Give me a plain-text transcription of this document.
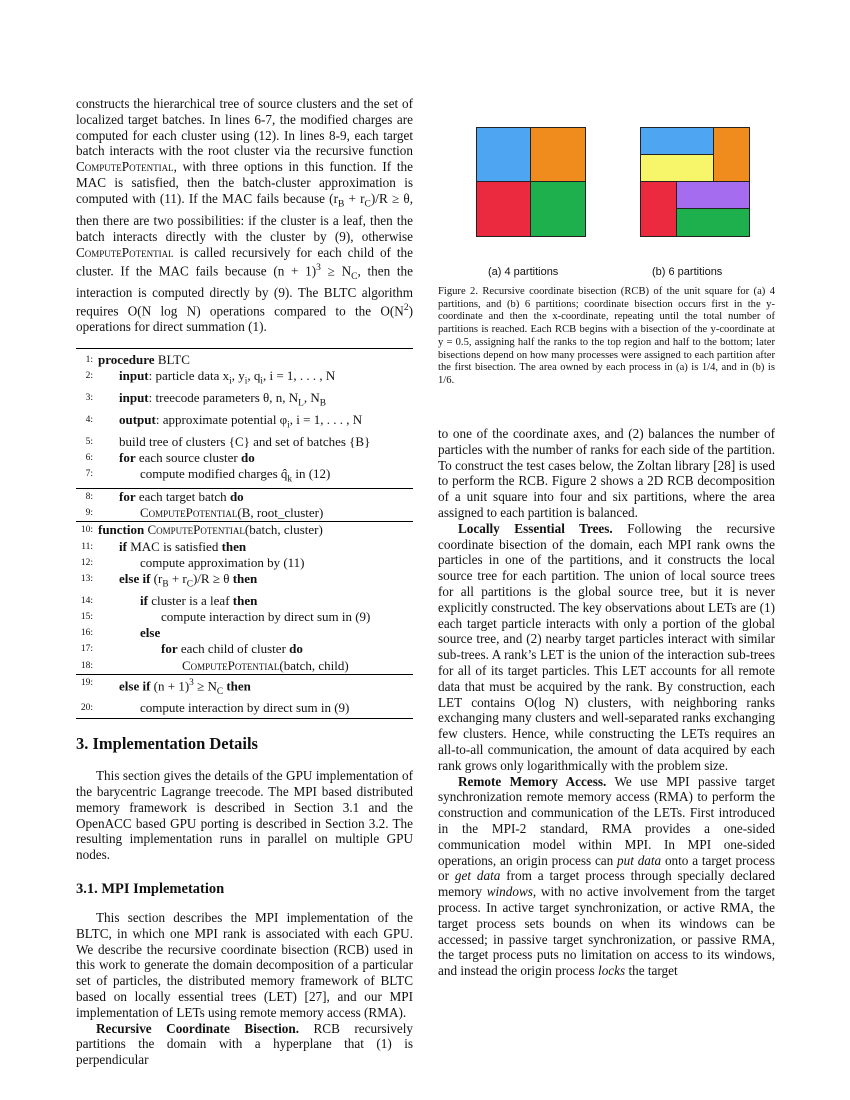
constructs the hierarchical tree of source clusters and the set of localized target batches. In lines 6-7, the modified charges are computed for each cluster using (12). In lines 8-9, each target batch interacts with the root cluster via the recursive function ComputePotential, with three options in this function. If the MAC is satisfied, then the batch-cluster approximation is computed with (11). If the MAC fails because $(r_B + r_C)/R \ge \theta$, then there are two possibilities: if the cluster is a leaf, then the batch interacts directly with the cluster by (9), otherwise ComputePotential is called recursively for each child of the cluster. If the MAC fails because $(n + 1)^3 \ge N_C$, then the interaction is computed directly by (9). The BLTC algorithm requires O(N log N) operations compared to the $O(N^2)$ operations for direct summation (1).

1: procedure BLTC
2:	input: particle data $x_i$, $y_i$, $q_i$, i = 1, . . . , N
3:	input: treecode parameters θ, n, $N_L$, $N_B$
4:	output: approximate potential $\varphi_i$, i = 1, . . . , N
5:	build tree of clusters {C} and set of batches {B}
6:	for each source cluster do
7:	compute modified charges $q̂_k$ in (12)
8:	for each target batch do
9:	ComputePotential(B, root_cluster)
10: function ComputePotential(batch, cluster)
11:	if MAC is satisfied then
12:	compute approximation by (11)
13:	else if $(r_B + r_C)/R \ge \theta$ then
14:	if cluster is a leaf then
15:	compute interaction by direct sum in (9)
16:	else
17:	for each child of cluster do
18:	ComputePotential(batch, child)
19:	else if $(n + 1)^3 \ge N_C$ then
20:	compute interaction by direct sum in (9)
3. Implementation Details

This section gives the details of the GPU implementation of the barycentric Lagrange treecode. The MPI based distributed memory framework is described in Section 3.1 and the OpenACC based GPU porting is described in Section 3.2. The resulting implementation runs in parallel on multiple GPU nodes.

3.1. MPI Implemetation

This section describes the MPI implementation of the BLTC, in which one MPI rank is associated with each GPU. We describe the recursive coordinate bisection (RCB) used in this work to generate the domain decomposition of a particular set of particles, the distributed memory framework of BLTC based on locally essential trees (LET) [27], and our MPI implementation of LETs using remote memory access (RMA).

Recursive Coordinate Bisection. RCB recursively partitions the domain with a hyperplane that (1) is perpendicular

(a) 4 partitions	(b) 6 partitions

Figure 2. Recursive coordinate bisection (RCB) of the unit square for (a) 4 partitions, and (b) 6 partitions; coordinate bisection occurs first in the y-coordinate and then the x-coordinate, repeating until the total number of partitions is reached. Each RCB begins with a bisection of the y-coordinate at y = 0.5, assigning half the ranks to the top region and half to the bottom; later bisections depend on how many processes were assigned to each partition after the first bisection. The area owned by each process in (a) is 1/4, and in (b) is 1/6.

to one of the coordinate axes, and (2) balances the number of particles with the number of ranks for each side of the partition. To construct the test cases below, the Zoltan library [28] is used to perform the RCB. Figure 2 shows a 2D RCB decomposition of a unit square into four and six partitions, where the area assigned to each partition is balanced.

Locally Essential Trees. Following the recursive coordinate bisection of the domain, each MPI rank owns the particles in one of the partitions, and it constructs the local source tree for each partition. The union of local source trees for all partitions is the global source tree, but it is never explicitly constructed. The key observations about LETs are (1) each target particle interacts with only a portion of the global source tree, and (2) nearby target particles interact with similar sub-trees. A rank’s LET is the union of the interaction sub-trees for all of its target particles. This LET accounts for all remote data that must be acquired by the rank. By construction, each LET contains O(log N) clusters, with neighboring ranks exchanging many clusters and well-separated ranks exchanging few clusters. Hence, while constructing the LETs requires an all-to-all communication, the amount of data acquired by each rank grows only logarithmically with the problem size.

Remote Memory Access. We use MPI passive target synchronization remote memory access (RMA) to perform the construction and communication of the LETs. First introduced in the MPI-2 standard, RMA provides a one-sided communication model within MPI. In MPI one-sided operations, an origin process can put data onto a target process or get data from a target process through specially declared memory windows, with no active involvement from the target process. In active target synchronization, or active RMA, the target process sets bounds on when its windows can be accessed; in passive target synchronization, or passive RMA, the target process puts no limitation on access to its windows, and instead the origin process locks the target
